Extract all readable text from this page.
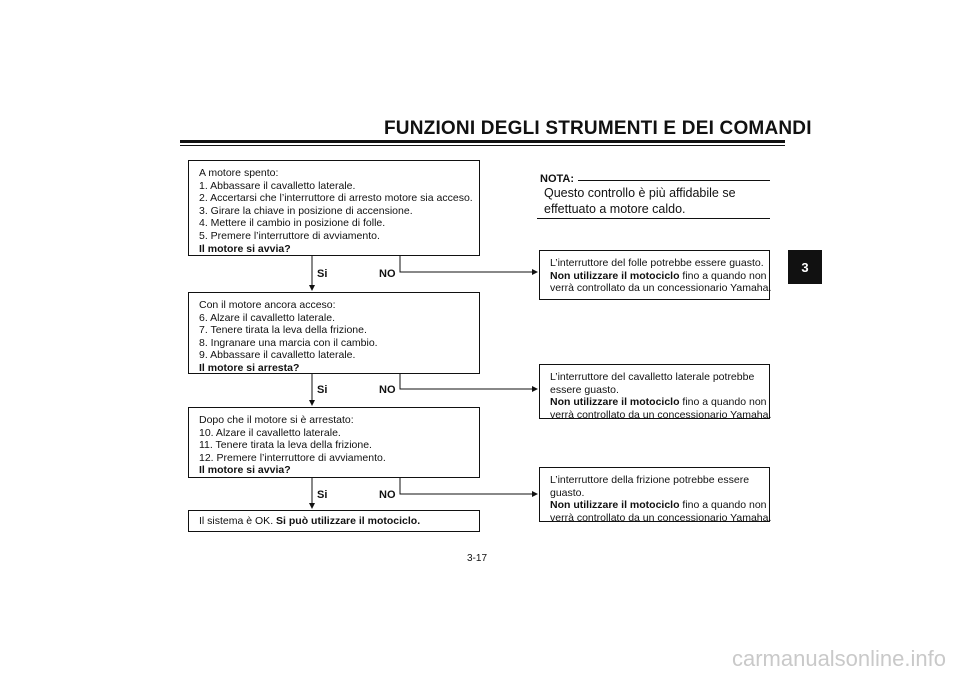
FUNZIONI DEGLI STRUMENTI E DEI COMANDI
3
A motore spento:
1. Abbassare il cavalletto laterale.
2. Accertarsi che l’interruttore di arresto motore sia acceso.
3. Girare la chiave in posizione di accensione.
4. Mettere il cambio in posizione di folle.
5. Premere l’interruttore di avviamento.
Il motore si avvia?
Si	NO
Con il motore ancora acceso:
6. Alzare il cavalletto laterale.
7. Tenere tirata la leva della frizione.
8. Ingranare una marcia con il cambio.
9. Abbassare il cavalletto laterale.
Il motore si arresta?
Si	NO
Dopo che il motore si è arrestato:
10. Alzare il cavalletto laterale.
11. Tenere tirata la leva della frizione.
12. Premere l’interruttore di avviamento.
Il motore si avvia?
Si	NO
Il sistema è OK. Si può utilizzare il motociclo.
NOTA:
Questo controllo è più affidabile se effettuato a motore caldo.
L’interruttore del folle potrebbe essere guasto.
Non utilizzare il motociclo fino a quando non
verrà controllato da un concessionario Yamaha.
L’interruttore del cavalletto laterale potrebbe
essere guasto.
Non utilizzare il motociclo fino a quando non
verrà controllato da un concessionario Yamaha.
L’interruttore della frizione potrebbe essere
guasto.
Non utilizzare il motociclo fino a quando non
verrà controllato da un concessionario Yamaha.
3-17
carmanualsonline.info
